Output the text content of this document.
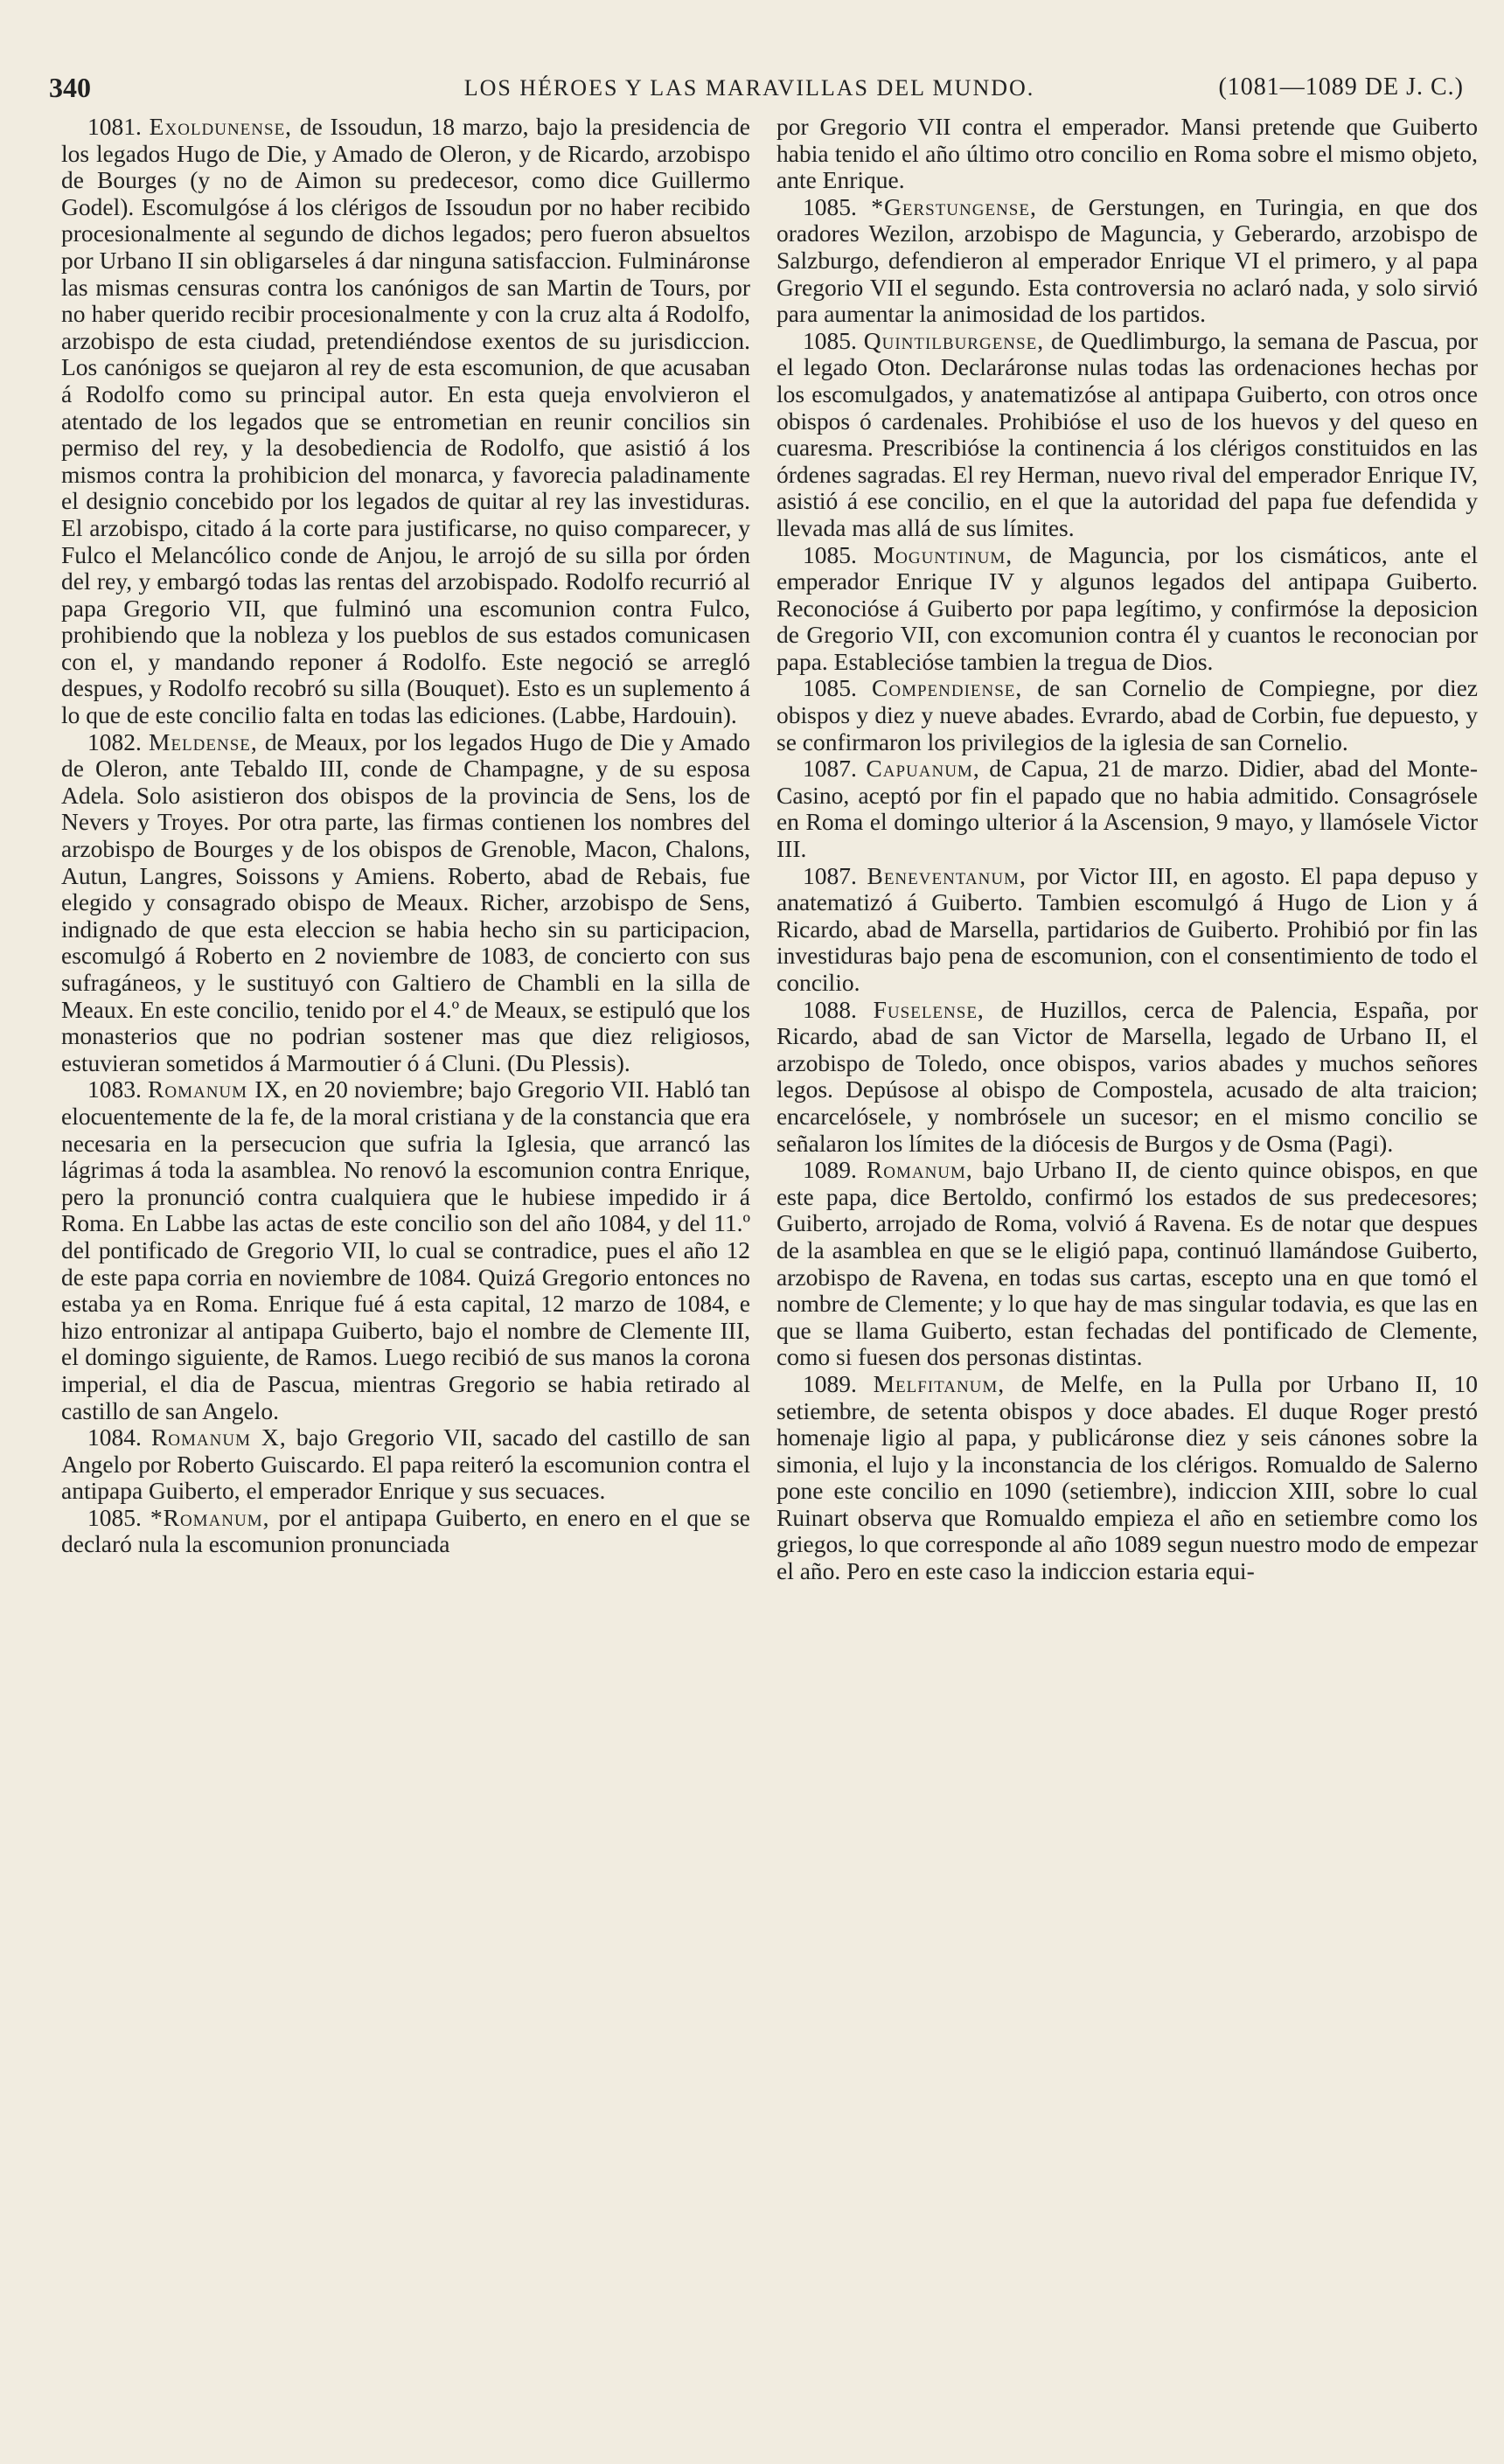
340	LOS HÉROES Y LAS MARAVILLAS DEL MUNDO.	(1081—1089 DE J. C.)

1081. Exoldunense, de Issoudun, 18 marzo, bajo la presidencia de los legados Hugo de Die, y Amado de Oleron, y de Ricardo, arzobispo de Bourges (y no de Aimon su predecesor, como dice Guillermo Godel). Escomulgóse á los clérigos de Issoudun por no haber recibido procesionalmente al segundo de dichos legados; pero fueron absueltos por Urbano II sin obligarseles á dar ninguna satisfaccion. Fulmináronse las mismas censuras contra los canónigos de san Martin de Tours, por no haber querido recibir procesionalmente y con la cruz alta á Rodolfo, arzobispo de esta ciudad, pretendiéndose exentos de su jurisdiccion. Los canónigos se quejaron al rey de esta escomunion, de que acusaban á Rodolfo como su principal autor. En esta queja envolvieron el atentado de los legados que se entrometian en reunir concilios sin permiso del rey, y la desobediencia de Rodolfo, que asistió á los mismos contra la prohibicion del monarca, y favorecia paladinamente el designio concebido por los legados de quitar al rey las investiduras. El arzobispo, citado á la corte para justificarse, no quiso comparecer, y Fulco el Melancólico conde de Anjou, le arrojó de su silla por órden del rey, y embargó todas las rentas del arzobispado. Rodolfo recurrió al papa Gregorio VII, que fulminó una escomunion contra Fulco, prohibiendo que la nobleza y los pueblos de sus estados comunicasen con el, y mandando reponer á Rodolfo. Este negoció se arregló despues, y Rodolfo recobró su silla (Bouquet). Esto es un suplemento á lo que de este concilio falta en todas las ediciones. (Labbe, Hardouin).

1082. Meldense, de Meaux, por los legados Hugo de Die y Amado de Oleron, ante Tebaldo III, conde de Champagne, y de su esposa Adela. Solo asistieron dos obispos de la provincia de Sens, los de Nevers y Troyes. Por otra parte, las firmas contienen los nombres del arzobispo de Bourges y de los obispos de Grenoble, Macon, Chalons, Autun, Langres, Soissons y Amiens. Roberto, abad de Rebais, fue elegido y consagrado obispo de Meaux. Richer, arzobispo de Sens, indignado de que esta eleccion se habia hecho sin su participacion, escomulgó á Roberto en 2 noviembre de 1083, de concierto con sus sufragáneos, y le sustituyó con Galtiero de Chambli en la silla de Meaux. En este concilio, tenido por el 4.º de Meaux, se estipuló que los monasterios que no podrian sostener mas que diez religiosos, estuvieran sometidos á Marmoutier ó á Cluni. (Du Plessis).

1083. Romanum IX, en 20 noviembre; bajo Gregorio VII. Habló tan elocuentemente de la fe, de la moral cristiana y de la constancia que era necesaria en la persecucion que sufria la Iglesia, que arrancó las lágrimas á toda la asamblea. No renovó la escomunion contra Enrique, pero la pronunció contra cualquiera que le hubiese impedido ir á Roma. En Labbe las actas de este concilio son del año 1084, y del 11.º del pontificado de Gregorio VII, lo cual se contradice, pues el año 12 de este papa corria en noviembre de 1084. Quizá Gregorio entonces no estaba ya en Roma. Enrique fué á esta capital, 12 marzo de 1084, e hizo entronizar al antipapa Guiberto, bajo el nombre de Clemente III, el domingo siguiente, de Ramos. Luego recibió de sus manos la corona imperial, el dia de Pascua, mientras Gregorio se habia retirado al castillo de san Angelo.

1084. Romanum X, bajo Gregorio VII, sacado del castillo de san Angelo por Roberto Guiscardo. El papa reiteró la escomunion contra el antipapa Guiberto, el emperador Enrique y sus secuaces.

1085. *Romanum, por el antipapa Guiberto, en enero en el que se declaró nula la escomunion pronunciada

por Gregorio VII contra el emperador. Mansi pretende que Guiberto habia tenido el año último otro concilio en Roma sobre el mismo objeto, ante Enrique.

1085. *Gerstungense, de Gerstungen, en Turingia, en que dos oradores Wezilon, arzobispo de Maguncia, y Geberardo, arzobispo de Salzburgo, defendieron al emperador Enrique VI el primero, y al papa Gregorio VII el segundo. Esta controversia no aclaró nada, y solo sirvió para aumentar la animosidad de los partidos.

1085. Quintilburgense, de Quedlimburgo, la semana de Pascua, por el legado Oton. Declaráronse nulas todas las ordenaciones hechas por los escomulgados, y anatematizóse al antipapa Guiberto, con otros once obispos ó cardenales. Prohibióse el uso de los huevos y del queso en cuaresma. Prescribióse la continencia á los clérigos constituidos en las órdenes sagradas. El rey Herman, nuevo rival del emperador Enrique IV, asistió á ese concilio, en el que la autoridad del papa fue defendida y llevada mas allá de sus límites.

1085. Moguntinum, de Maguncia, por los cismáticos, ante el emperador Enrique IV y algunos legados del antipapa Guiberto. Reconocióse á Guiberto por papa legítimo, y confirmóse la deposicion de Gregorio VII, con excomunion contra él y cuantos le reconocian por papa. Establecióse tambien la tregua de Dios.

1085. Compendiense, de san Cornelio de Compiegne, por diez obispos y diez y nueve abades. Evrardo, abad de Corbin, fue depuesto, y se confirmaron los privilegios de la iglesia de san Cornelio.

1087. Capuanum, de Capua, 21 de marzo. Didier, abad del Monte-Casino, aceptó por fin el papado que no habia admitido. Consagrósele en Roma el domingo ulterior á la Ascension, 9 mayo, y llamósele Victor III.

1087. Beneventanum, por Victor III, en agosto. El papa depuso y anatematizó á Guiberto. Tambien escomulgó á Hugo de Lion y á Ricardo, abad de Marsella, partidarios de Guiberto. Prohibió por fin las investiduras bajo pena de escomunion, con el consentimiento de todo el concilio.

1088. Fuselense, de Huzillos, cerca de Palencia, España, por Ricardo, abad de san Victor de Marsella, legado de Urbano II, el arzobispo de Toledo, once obispos, varios abades y muchos señores legos. Depúsose al obispo de Compostela, acusado de alta traicion; encarcelósele, y nombrósele un sucesor; en el mismo concilio se señalaron los límites de la diócesis de Burgos y de Osma (Pagi).

1089. Romanum, bajo Urbano II, de ciento quince obispos, en que este papa, dice Bertoldo, confirmó los estados de sus predecesores; Guiberto, arrojado de Roma, volvió á Ravena. Es de notar que despues de la asamblea en que se le eligió papa, continuó llamándose Guiberto, arzobispo de Ravena, en todas sus cartas, escepto una en que tomó el nombre de Clemente; y lo que hay de mas singular todavia, es que las en que se llama Guiberto, estan fechadas del pontificado de Clemente, como si fuesen dos personas distintas.

1089. Melfitanum, de Melfe, en la Pulla por Urbano II, 10 setiembre, de setenta obispos y doce abades. El duque Roger prestó homenaje ligio al papa, y publicáronse diez y seis cánones sobre la simonia, el lujo y la inconstancia de los clérigos. Romualdo de Salerno pone este concilio en 1090 (setiembre), indiccion XIII, sobre lo cual Ruinart observa que Romualdo empieza el año en setiembre como los griegos, lo que corresponde al año 1089 segun nuestro modo de empezar el año. Pero en este caso la indiccion estaria equi-
